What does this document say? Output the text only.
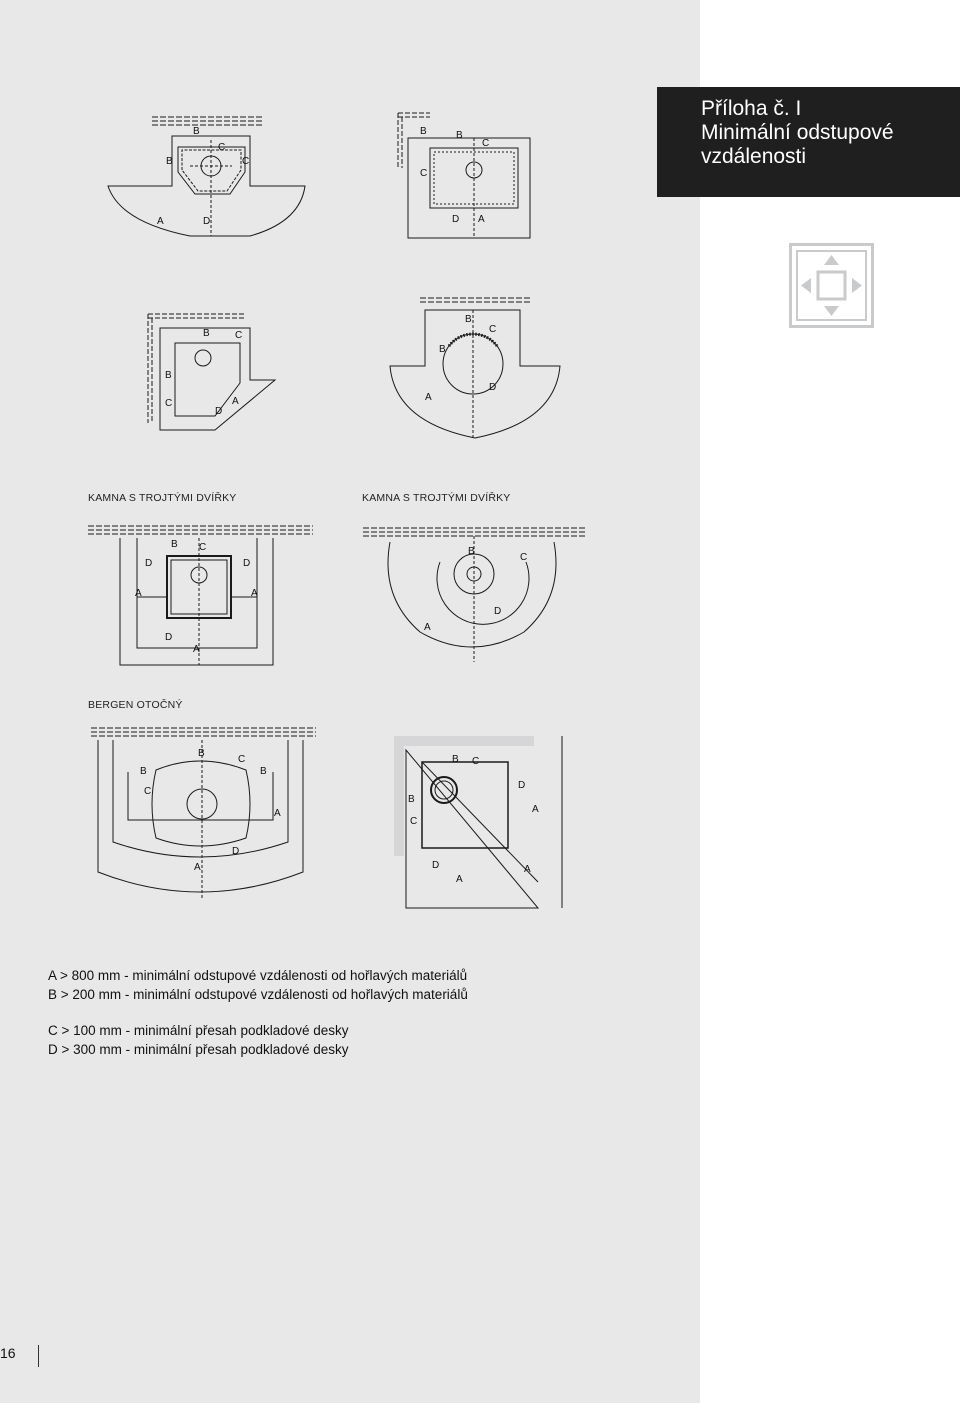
Příloha č. I
Minimální odstupové
vzdálenosti
B
B
C
C
A	D
B	B
C
C
D A
B
B
C
C
D
A
B
B
C
A
D
KAMNA S TROJTÝMI DVÍŘKY	KAMNA S TROJTÝMI DVÍŘKY
B C
D	D
A	A
D
A
B
C
A
D
BERGEN OTOČNÝ
B
C
B	B
C
A
A
D
B C
B
C
D
A
D
A
A

A > 800 mm - minimální odstupové vzdálenosti od hořlavých materiálů

B > 200 mm - minimální odstupové vzdálenosti od hořlavých materiálů

C > 100 mm - minimální přesah podkladové desky

D > 300 mm - minimální přesah podkladové desky

16
